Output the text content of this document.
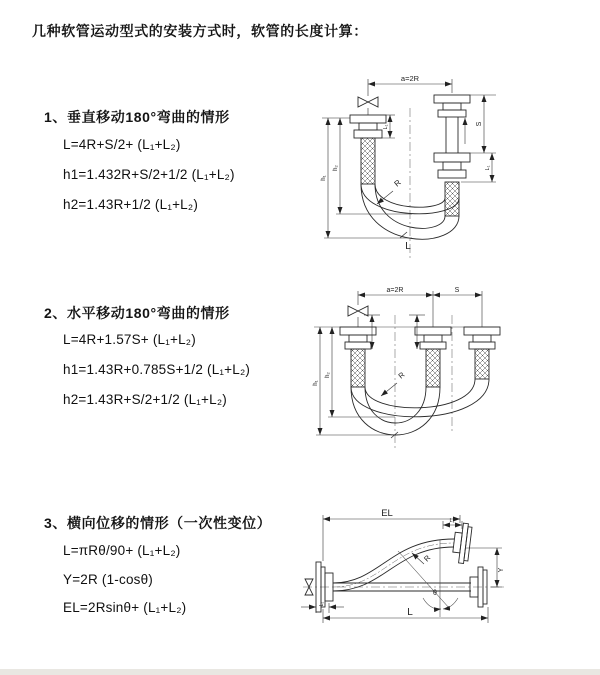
几种软管运动型式的安装方式时，软管的长度计算：
1、垂直移动180°弯曲的情形
L=4R+S/2+ (L₁+L₂)
h1=1.432R+S/2+1/2 (L₁+L₂)
h2=1.43R+1/2 (L₁+L₂)
a=2R
L₁
S
L₁
h₁
h₂
R
L
2、水平移动180°弯曲的情形
L=4R+1.57S+ (L₁+L₂)
h1=1.43R+0.785S+1/2 (L₁+L₂)
h2=1.43R+S/2+1/2 (L₁+L₂)
a=2R	S
h₁
h₂	R
3、横向位移的情形（一次性变位）
L=πRθ/90+ (L₁+L₂)
Y=2R (1-cosθ)
EL=2Rsinθ+ (L₁+L₂)
EL
L₁
Y
L
L₁
R
θ
